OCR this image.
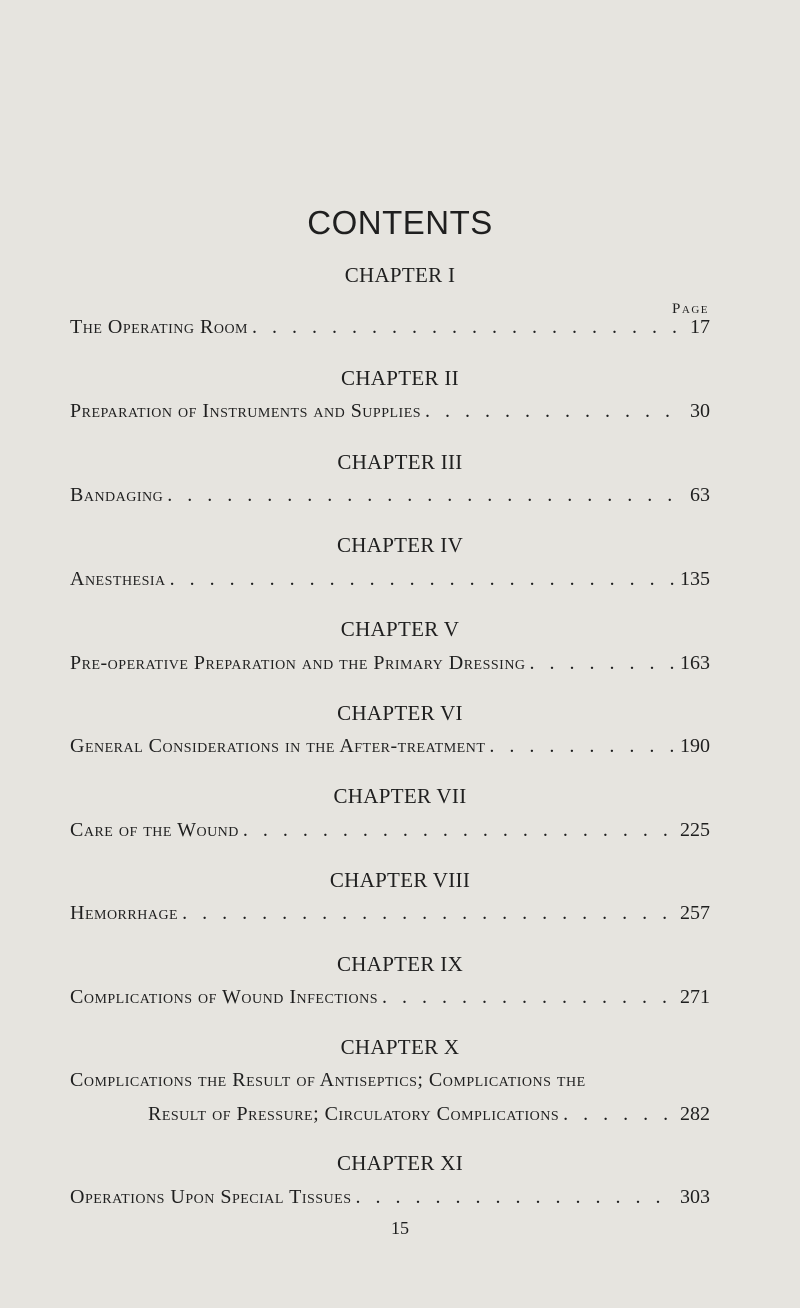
CONTENTS
CHAPTER I
Page
The Operating Room . . .	17
CHAPTER II
Preparation of Instruments and Supplies . . .	30
CHAPTER III
Bandaging . . .	63
CHAPTER IV
Anesthesia . . .	135
CHAPTER V
Pre-operative Preparation and the Primary Dressing . . .	163
CHAPTER VI
General Considerations in the After-treatment . . .	190
CHAPTER VII
Care of the Wound . . .	225
CHAPTER VIII
Hemorrhage . . .	257
CHAPTER IX
Complications of Wound Infections . . .	271
CHAPTER X
Complications the Result of Antiseptics; Complications the
Result of Pressure; Circulatory Complications . . .	282
CHAPTER XI
Operations Upon Special Tissues . . .	303
15
